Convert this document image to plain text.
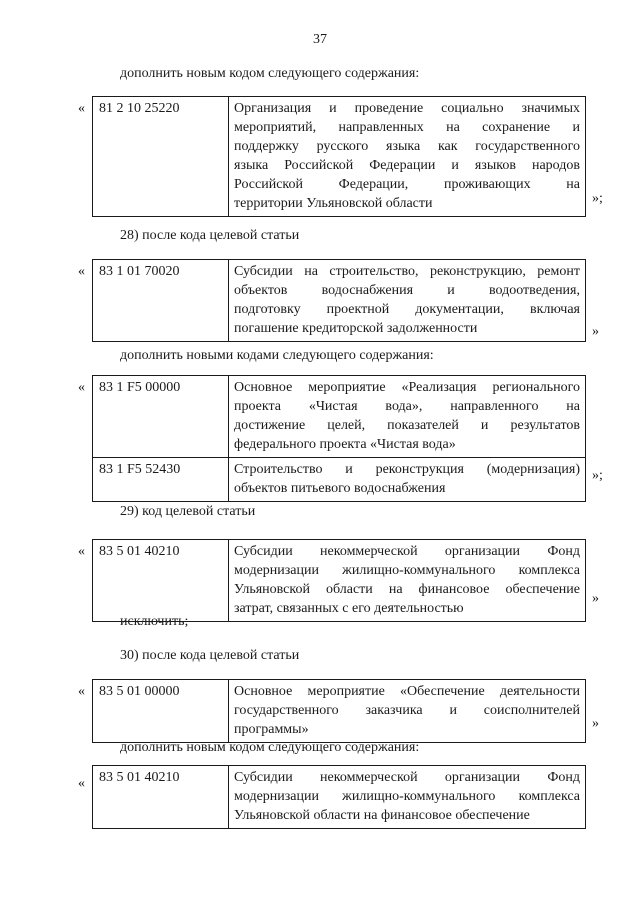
37
дополнить новым кодом следующего содержания:
« 81 2 10 25220	Организация и проведение социально значимых
мероприятий, направленных на сохранение и
поддержку русского языка как государственного
языка Российской Федерации и языков народов
Российской Федерации, проживающих на
территории Ульяновской области	»;
28) после кода целевой статьи
« 83 1 01 70020	Субсидии на строительство, реконструкцию, ремонт
объектов водоснабжения и водоотведения,
подготовку проектной документации, включая
погашение кредиторской задолженности	»
дополнить новыми кодами следующего содержания:
« 83 1 F5 00000	Основное мероприятие «Реализация регионального
проекта «Чистая вода», направленного на
достижение целей, показателей и результатов
федерального проекта «Чистая вода»

83 1 F5 52430	Строительство и реконструкция (модернизация)
объектов питьевого водоснабжения
»;
29) код целевой статьи
« 83 5 01 40210	Субсидии некоммерческой организации Фонд
модернизации жилищно-коммунального комплекса
Ульяновской области на финансовое обеспечение
затрат, связанных с его деятельностью
»
исключить;
30) после кода целевой статьи
« 83 5 01 00000	Основное мероприятие «Обеспечение деятельности
государственного заказчика и соисполнителей
программы»	»
дополнить новым кодом следующего содержания:
« 83 5 01 40210	Субсидии некоммерческой организации Фонд
модернизации жилищно-коммунального комплекса
Ульяновской области на финансовое обеспечение
